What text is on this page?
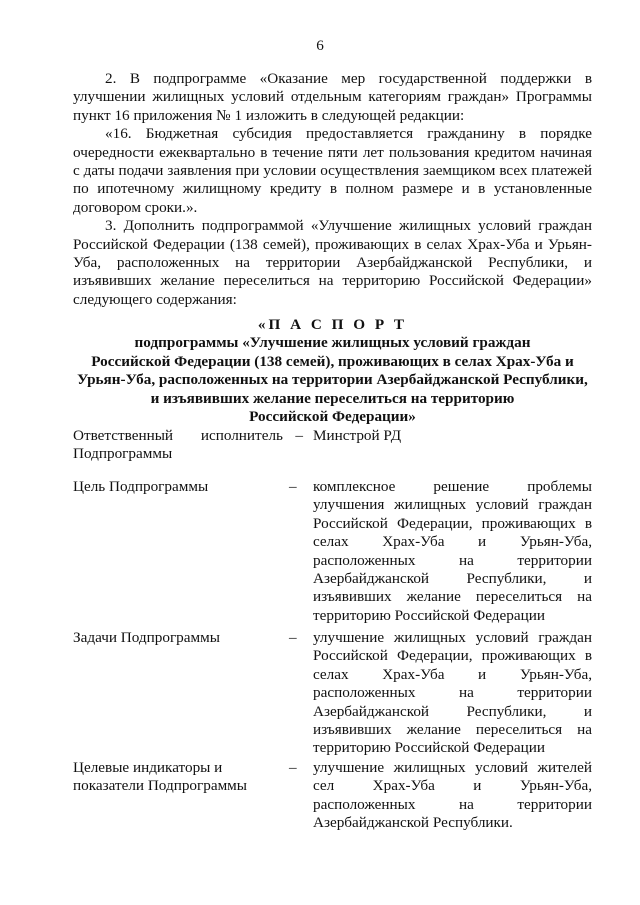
6

2. В подпрограмме «Оказание мер государственной поддержки в улучшении жилищных условий отдельным категориям граждан» Программы пункт 16 приложения № 1 изложить в следующей редакции:

«16. Бюджетная субсидия предоставляется гражданину в порядке очередности ежеквартально в течение пяти лет пользования кредитом начиная с даты подачи заявления при условии осуществления заемщиком всех платежей по ипотечному жилищному кредиту в полном размере и в установленные договором сроки.».

3. Дополнить подпрограммой «Улучшение жилищных условий граждан Российской Федерации (138 семей), проживающих в селах Храх-Уба и Урьян-Уба, расположенных на территории Азербайджанской Республики, и изъявивших желание переселиться на территорию Российской Федерации» следующего содержания:

«П А С П О Р Т
подпрограммы «Улучшение жилищных условий граждан
Российской Федерации (138 семей), проживающих в селах Храх-Уба и
Урьян-Уба, расположенных на территории Азербайджанской Республики,
и изъявивших желание переселиться на территорию
Российской Федерации»
Ответственный исполнитель –
Подпрограммы
Минстрой РД
Цель Подпрограммы	– комплексное решение проблемы улучшения жилищных условий граждан Российской Федерации, проживающих в селах Храх-Уба и Урьян-Уба, расположенных на территории Азербайджанской Республики, и изъявивших желание переселиться на территорию Российской Федерации
Задачи Подпрограммы	– улучшение жилищных условий граждан Российской Федерации, проживающих в селах Храх-Уба и Урьян-Уба, расположенных на территории Азербайджанской Республики, и изъявивших желание переселиться на территорию Российской Федерации
Целевые индикаторы и
показатели Подпрограммы
– улучшение жилищных условий жителей сел Храх-Уба и Урьян-Уба, расположенных на территории Азербайджанской Республики.
